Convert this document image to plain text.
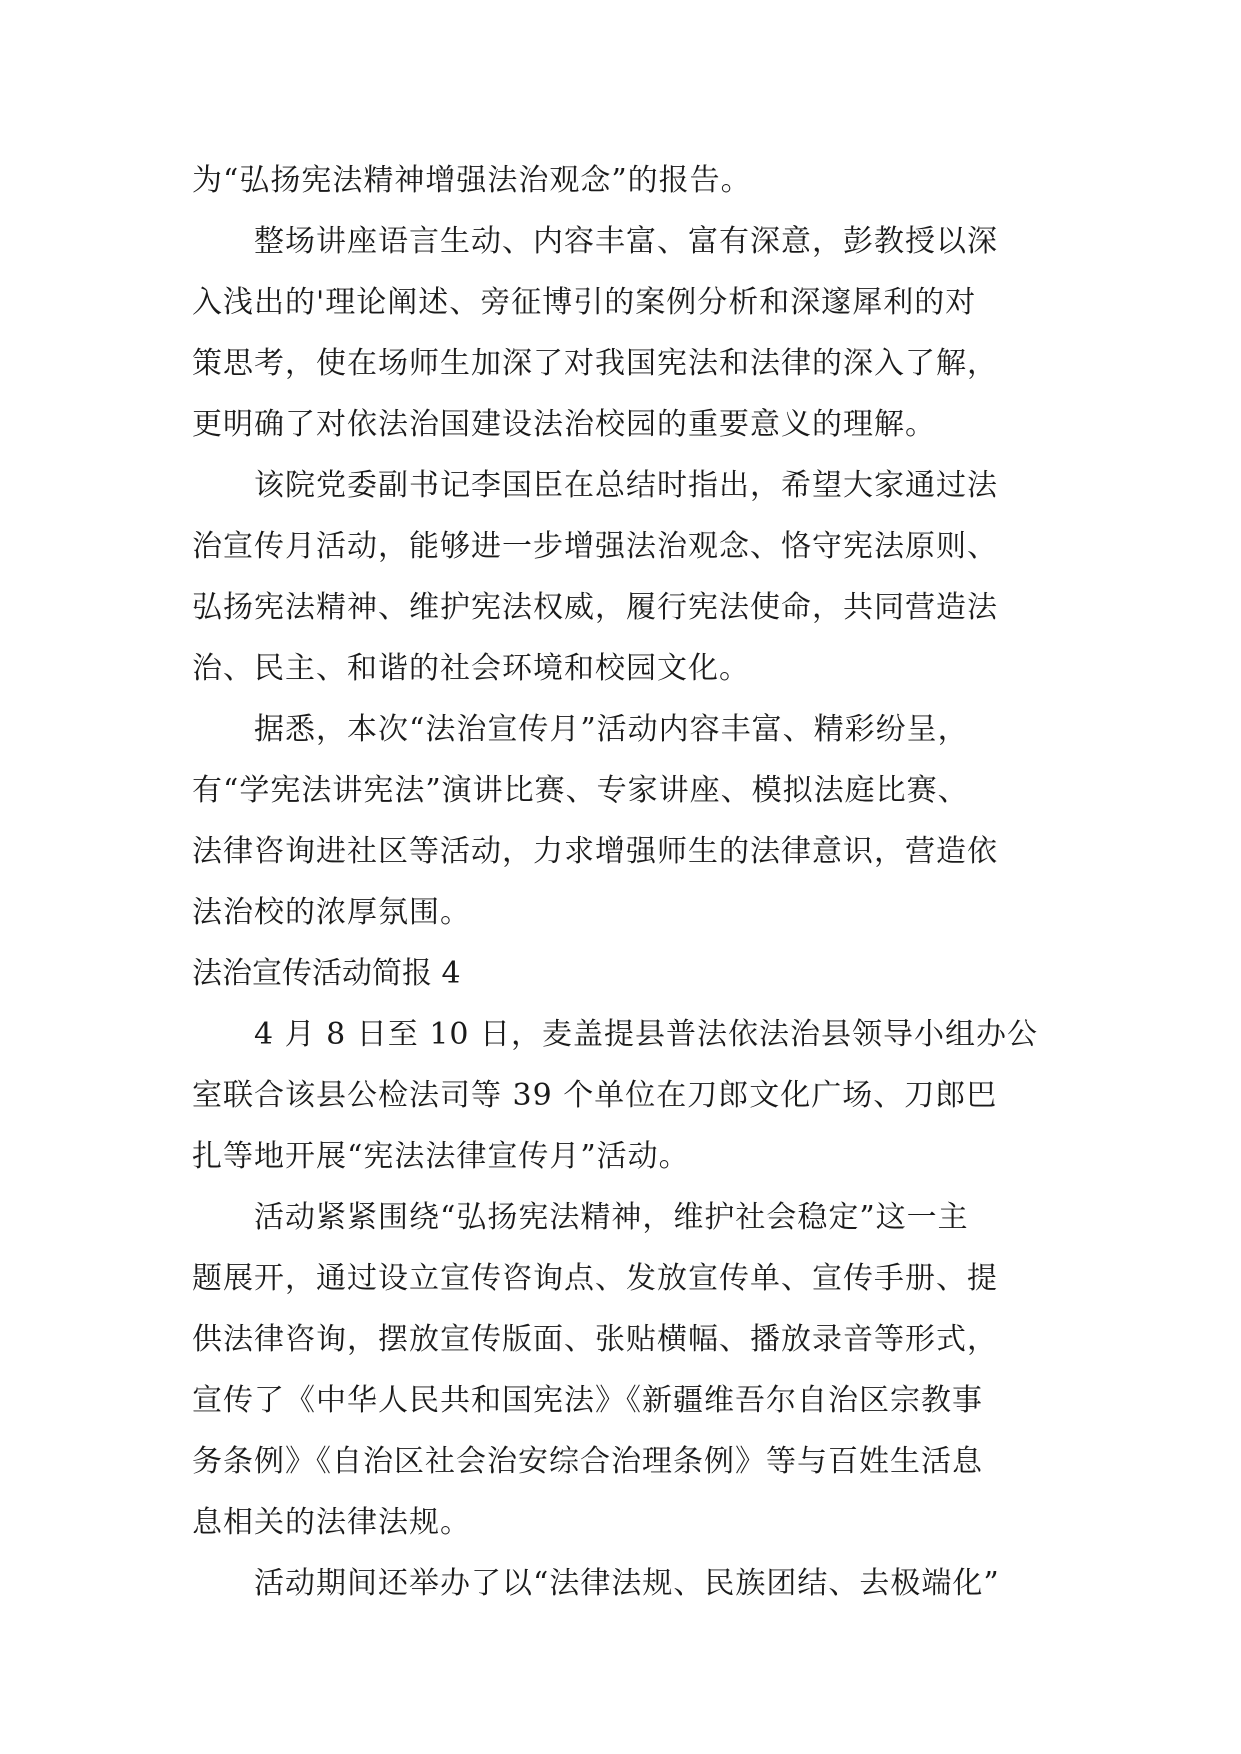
为“弘扬宪法精神增强法治观念”的报告。
整场讲座语言生动、内容丰富、富有深意，彭教授以深
入浅出的'理论阐述、旁征博引的案例分析和深邃犀利的对
策思考，使在场师生加深了对我国宪法和法律的深入了解，
更明确了对依法治国建设法治校园的重要意义的理解。
该院党委副书记李国臣在总结时指出，希望大家通过法
治宣传月活动，能够进一步增强法治观念、恪守宪法原则、
弘扬宪法精神、维护宪法权威，履行宪法使命，共同营造法
治、民主、和谐的社会环境和校园文化。
据悉，本次“法治宣传月”活动内容丰富、精彩纷呈，
有“学宪法讲宪法”演讲比赛、专家讲座、模拟法庭比赛、
法律咨询进社区等活动，力求增强师生的法律意识，营造依
法治校的浓厚氛围。
法治宣传活动简报 4
4 月 8 日至 10 日，麦盖提县普法依法治县领导小组办公
室联合该县公检法司等 39 个单位在刀郎文化广场、刀郎巴
扎等地开展“宪法法律宣传月”活动。
活动紧紧围绕“弘扬宪法精神，维护社会稳定”这一主
题展开，通过设立宣传咨询点、发放宣传单、宣传手册、提
供法律咨询，摆放宣传版面、张贴横幅、播放录音等形式，
宣传了《中华人民共和国宪法》《新疆维吾尔自治区宗教事
务条例》《自治区社会治安综合治理条例》等与百姓生活息
息相关的法律法规。
活动期间还举办了以“法律法规、民族团结、去极端化”
